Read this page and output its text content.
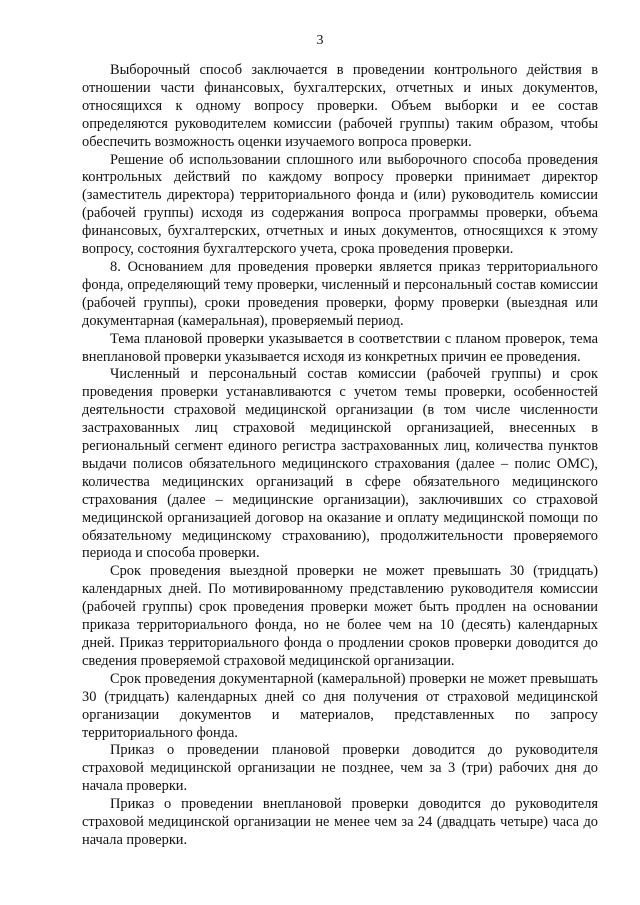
3

Выборочный способ заключается в проведении контрольного действия в отношении части финансовых, бухгалтерских, отчетных и иных документов, относящихся к одному вопросу проверки. Объем выборки и ее состав определяются руководителем комиссии (рабочей группы) таким образом, чтобы обеспечить возможность оценки изучаемого вопроса проверки.

Решение об использовании сплошного или выборочного способа проведения контрольных действий по каждому вопросу проверки принимает директор (заместитель директора) территориального фонда и (или) руководитель комиссии (рабочей группы) исходя из содержания вопроса программы проверки, объема финансовых, бухгалтерских, отчетных и иных документов, относящихся к этому вопросу, состояния бухгалтерского учета, срока проведения проверки.

8. Основанием для проведения проверки является приказ территориального фонда, определяющий тему проверки, численный и персональный состав комиссии (рабочей группы), сроки проведения проверки, форму проверки (выездная или документарная (камеральная), проверяемый период.

Тема плановой проверки указывается в соответствии с планом проверок, тема внеплановой проверки указывается исходя из конкретных причин ее проведения.

Численный и персональный состав комиссии (рабочей группы) и срок проведения проверки устанавливаются с учетом темы проверки, особенностей деятельности страховой медицинской организации (в том числе численности застрахованных лиц страховой медицинской организацией, внесенных в региональный сегмент единого регистра застрахованных лиц, количества пунктов выдачи полисов обязательного медицинского страхования (далее – полис ОМС), количества медицинских организаций в сфере обязательного медицинского страхования (далее – медицинские организации), заключивших со страховой медицинской организацией договор на оказание и оплату медицинской помощи по обязательному медицинскому страхованию), продолжительности проверяемого периода и способа проверки.

Срок проведения выездной проверки не может превышать 30 (тридцать) календарных дней. По мотивированному представлению руководителя комиссии (рабочей группы) срок проведения проверки может быть продлен на основании приказа территориального фонда, но не более чем на 10 (десять) календарных дней. Приказ территориального фонда о продлении сроков проверки доводится до сведения проверяемой страховой медицинской организации.

Срок проведения документарной (камеральной) проверки не может превышать 30 (тридцать) календарных дней со дня получения от страховой медицинской организации документов и материалов, представленных по запросу территориального фонда.

Приказ о проведении плановой проверки доводится до руководителя страховой медицинской организации не позднее, чем за 3 (три) рабочих дня до начала проверки.

Приказ о проведении внеплановой проверки доводится до руководителя страховой медицинской организации не менее чем за 24 (двадцать четыре) часа до начала проверки.
